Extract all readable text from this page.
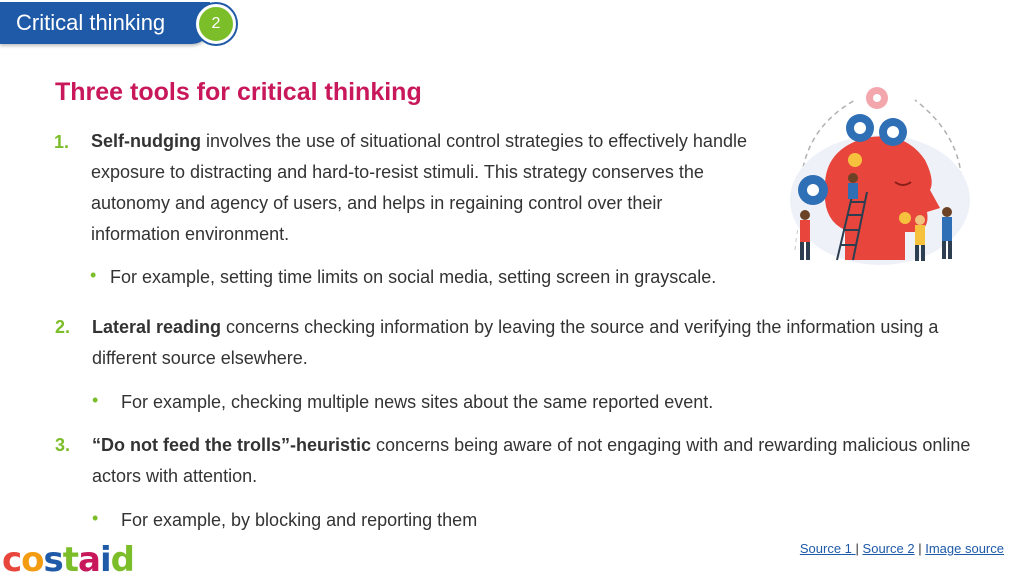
Critical thinking	2
Three tools for critical thinking
1. Self-nudging involves the use of situational control strategies to effectively handle exposure to distracting and hard-to-resist stimuli. This strategy conserves the autonomy and agency of users, and helps in regaining control over their information environment.
• For example, setting time limits on social media, setting screen in grayscale.
2. Lateral reading concerns checking information by leaving the source and verifying the information using a different source elsewhere.
• For example, checking multiple news sites about the same reported event.
3. “Do not feed the trolls”-heuristic concerns being aware of not engaging with and rewarding malicious online actors with attention.
• For example, by blocking and reporting them
costaid	Source 1 | Source 2 | Image source
